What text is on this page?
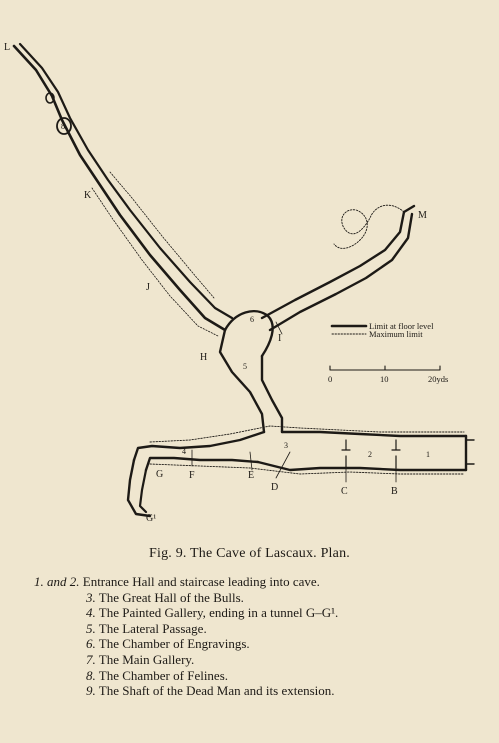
L
M
K
J
H
I
G
G¹
F	E
D	C	B
1
2
3
4
5
6
8
Limit at floor level
Maximum limit
0	10	20yds
Fig. 9. The Cave of Lascaux. Plan.
1. and 2. Entrance Hall and staircase leading into cave.
3. The Great Hall of the Bulls.
4. The Painted Gallery, ending in a tunnel G–G¹.
5. The Lateral Passage.
6. The Chamber of Engravings.
7. The Main Gallery.
8. The Chamber of Felines.
9. The Shaft of the Dead Man and its extension.
